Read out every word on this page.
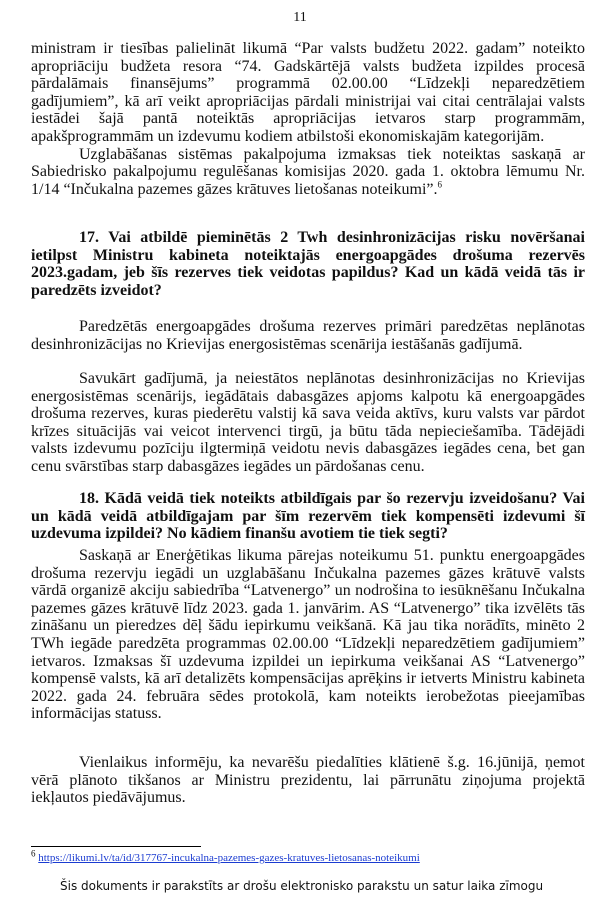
11

ministram ir tiesības palielināt likumā “Par valsts budžetu 2022. gadam” noteikto apropriāciju budžeta resora “74. Gadskārtējā valsts budžeta izpildes procesā pārdalāmais finansējums” programmā 02.00.00 “Līdzekļi neparedzētiem gadījumiem”, kā arī veikt apropriācijas pārdali ministrijai vai citai centrālajai valsts iestādei šajā pantā noteiktās apropriācijas ietvaros starp programmām, apakšprogrammām un izdevumu kodiem atbilstoši ekonomiskajām kategorijām.

Uzglabāšanas sistēmas pakalpojuma izmaksas tiek noteiktas saskaņā ar Sabiedrisko pakalpojumu regulēšanas komisijas 2020. gada 1. oktobra lēmumu Nr. 1/14 “Inčukalna pazemes gāzes krātuves lietošanas noteikumi”.$^6$

17. Vai atbildē pieminētās 2 Twh desinhronizācijas risku novēršanai ietilpst Ministru kabineta noteiktajās energoapgādes drošuma rezervēs 2023.gadam, jeb šīs rezerves tiek veidotas papildus? Kad un kādā veidā tās ir paredzēts izveidot?
Paredzētās energoapgādes drošuma rezerves primāri paredzētas neplānotas desinhronizācijas no Krievijas energosistēmas scenārija iestāšanās gadījumā.
Savukārt gadījumā, ja neiestātos neplānotas desinhronizācijas no Krievijas energosistēmas scenārijs, iegādātais dabasgāzes apjoms kalpotu kā energoapgādes drošuma rezerves, kuras piederētu valstij kā sava veida aktīvs, kuru valsts var pārdot krīzes situācijās vai veicot intervenci tirgū, ja būtu tāda nepieciešamība. Tādējādi valsts izdevumu pozīciju ilgtermiņā veidotu nevis dabasgāzes iegādes cena, bet gan cenu svārstības starp dabasgāzes iegādes un pārdošanas cenu.
18. Kādā veidā tiek noteikts atbildīgais par šo rezervju izveidošanu? Vai un kādā veidā atbildīgajam par šīm rezervēm tiek kompensēti izdevumi šī uzdevuma izpildei? No kādiem finanšu avotiem tie tiek segti?
Saskaņā ar Enerģētikas likuma pārejas noteikumu 51. punktu energoapgādes drošuma rezervju iegādi un uzglabāšanu Inčukalna pazemes gāzes krātuvē valsts vārdā organizē akciju sabiedrība “Latvenergo” un nodrošina to iesūknēšanu Inčukalna pazemes gāzes krātuvē līdz 2023. gada 1. janvārim. AS “Latvenergo” tika izvēlēts tās zināšanu un pieredzes dēļ šādu iepirkumu veikšanā. Kā jau tika norādīts, minēto 2 TWh iegāde paredzēta programmas 02.00.00 “Līdzekļi neparedzētiem gadījumiem” ietvaros. Izmaksas šī uzdevuma izpildei un iepirkuma veikšanai AS “Latvenergo” kompensē valsts, kā arī detalizēts kompensācijas aprēķins ir ietverts Ministru kabineta 2022. gada 24. februāra sēdes protokolā, kam noteikts ierobežotas pieejamības informācijas statuss.
Vienlaikus informēju, ka nevarēšu piedalīties klātienē š.g. 16.jūnijā, ņemot vērā plānoto tikšanos ar Ministru prezidentu, lai pārrunātu ziņojuma projektā iekļautos piedāvājumus.
$^6$ https://likumi.lv/ta/id/317767-incukalna-pazemes-gazes-kratuves-lietosanas-noteikumi
Šis dokuments ir parakstīts ar drošu elektronisko parakstu un satur laika zīmogu
